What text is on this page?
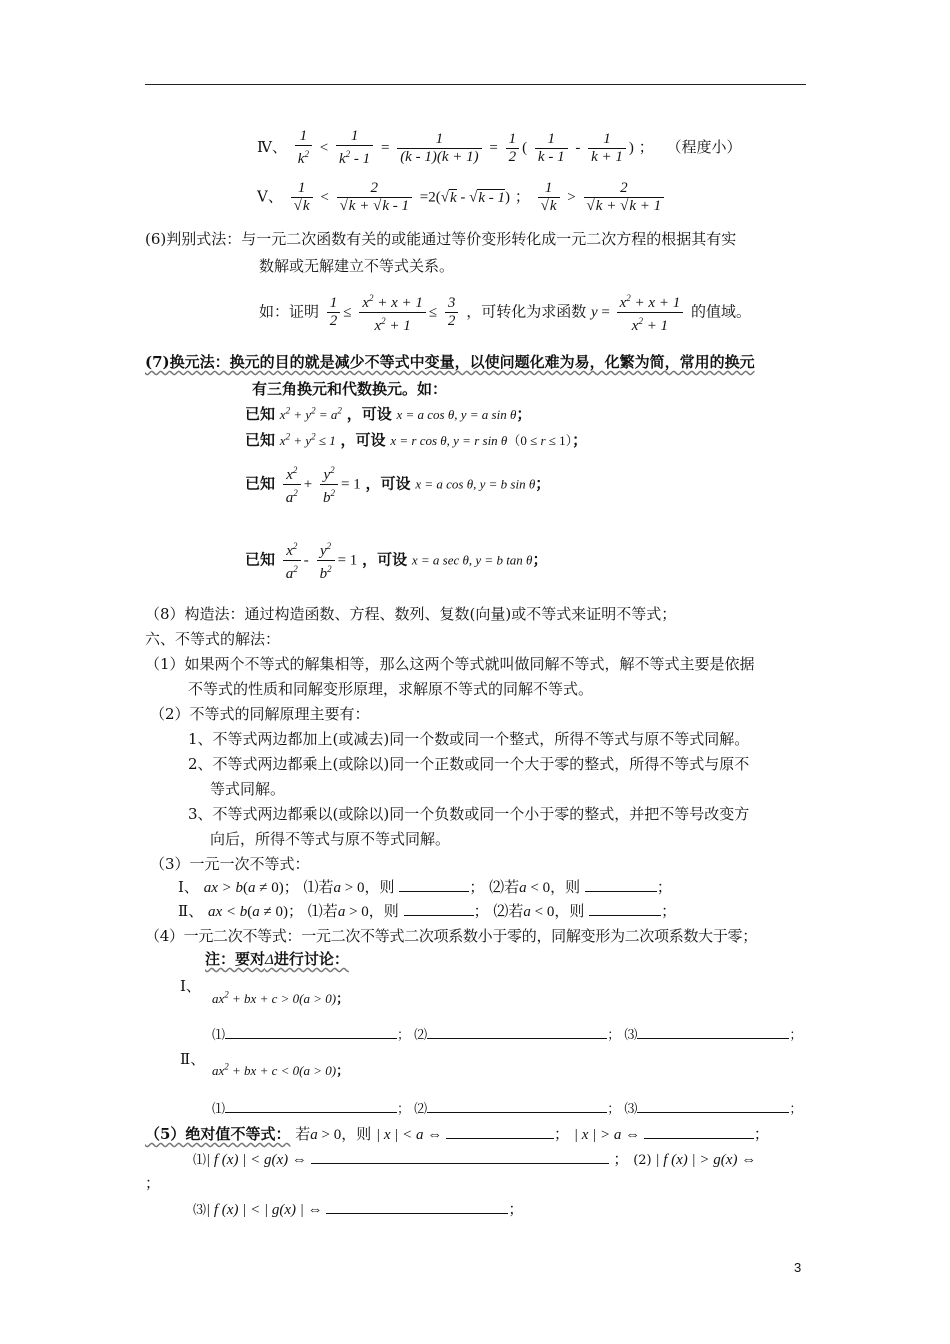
Ⅳ、 $\frac{1}{k^2} < \frac{1}{k^2 - 1} = \frac{1}{(k - 1)(k + 1)} = \frac{1}{2}$ ( $\frac{1}{k - 1} - \frac{1}{k + 1}$ ) ； （程度小）
Ⅴ、 $\frac{1}{√k} < \frac{2}{√k + √k - 1} =2(√k - √k - 1)$ ； $\frac{1}{√k} > \frac{2}{√k + √k + 1}$
(6)判别式法：与一元二次函数有关的或能通过等价变形转化成一元二次方程的根据其有实
数解或无解建立不等式关系。
如：证明 $\frac{1}{2} \le \frac{x^2 + x + 1}{x^2 + 1} \le \frac{3}{2}$ ，可转化为求函数 $y = \frac{x^2 + x + 1}{x^2 + 1}$ 的值域。
(7)换元法：换元的目的就是减少不等式中变量，以使问题化难为易，化繁为简，常用的换元
有三角换元和代数换元。如：
已知 $x^2 + y^2 = a^2$ ，可设 x = a cos θ, y = a sin θ；
已知 $x^2 + y^2 \le 1$ ，可设 x = r cos θ, y = r sin θ（0 ≤ r ≤ 1）；
已知 $\frac{x^2}{a^2} + \frac{y^2}{b^2} = 1$ ，可设 x = a cos θ, y = b sin θ；
已知 $\frac{x^2}{a^2} - \frac{y^2}{b^2} = 1$ ，可设 x = a sec θ, y = b tan θ；
（8）构造法：通过构造函数、方程、数列、复数(向量)或不等式来证明不等式；
六、不等式的解法：
（1）如果两个不等式的解集相等，那么这两个等式就叫做同解不等式，解不等式主要是依据
不等式的性质和同解变形原理，求解原不等式的同解不等式。
（2）不等式的同解原理主要有：
1、不等式两边都加上(或减去)同一个数或同一个整式，所得不等式与原不等式同解。
2、不等式两边都乘上(或除以)同一个正数或同一个大于零的整式，所得不等式与原不
等式同解。
3、不等式两边都乘以(或除以)同一个负数或同一个小于零的整式，并把不等号改变方
向后，所得不等式与原不等式同解。
（3）一元一次不等式：
Ⅰ、 ax > b(a ≠ 0)； ⑴若a > 0，则	； ⑵若a < 0，则	；
Ⅱ、 ax < b(a ≠ 0)； ⑴若a > 0，则	； ⑵若a < 0，则	；
（4）一元二次不等式：一元二次不等式二次项系数小于零的，同解变形为二次项系数大于零；
注：要对Δ进行讨论：
Ⅰ、
$ax^2$ + bx + c > 0(a > 0)；
⑴	； ⑵	； ⑶	；
Ⅱ、
$ax^2$ + bx + c < 0(a > 0)；
⑴	； ⑵	； ⑶	；
（5）绝对值不等式： 若a > 0，则 | x | < a ⇔	； | x | > a ⇔	；
⑴| f (x) | < g(x) ⇔	； (2) | f (x) | > g(x) ⇔
；
⑶| f (x) | < | g(x) | ⇔	；
3
